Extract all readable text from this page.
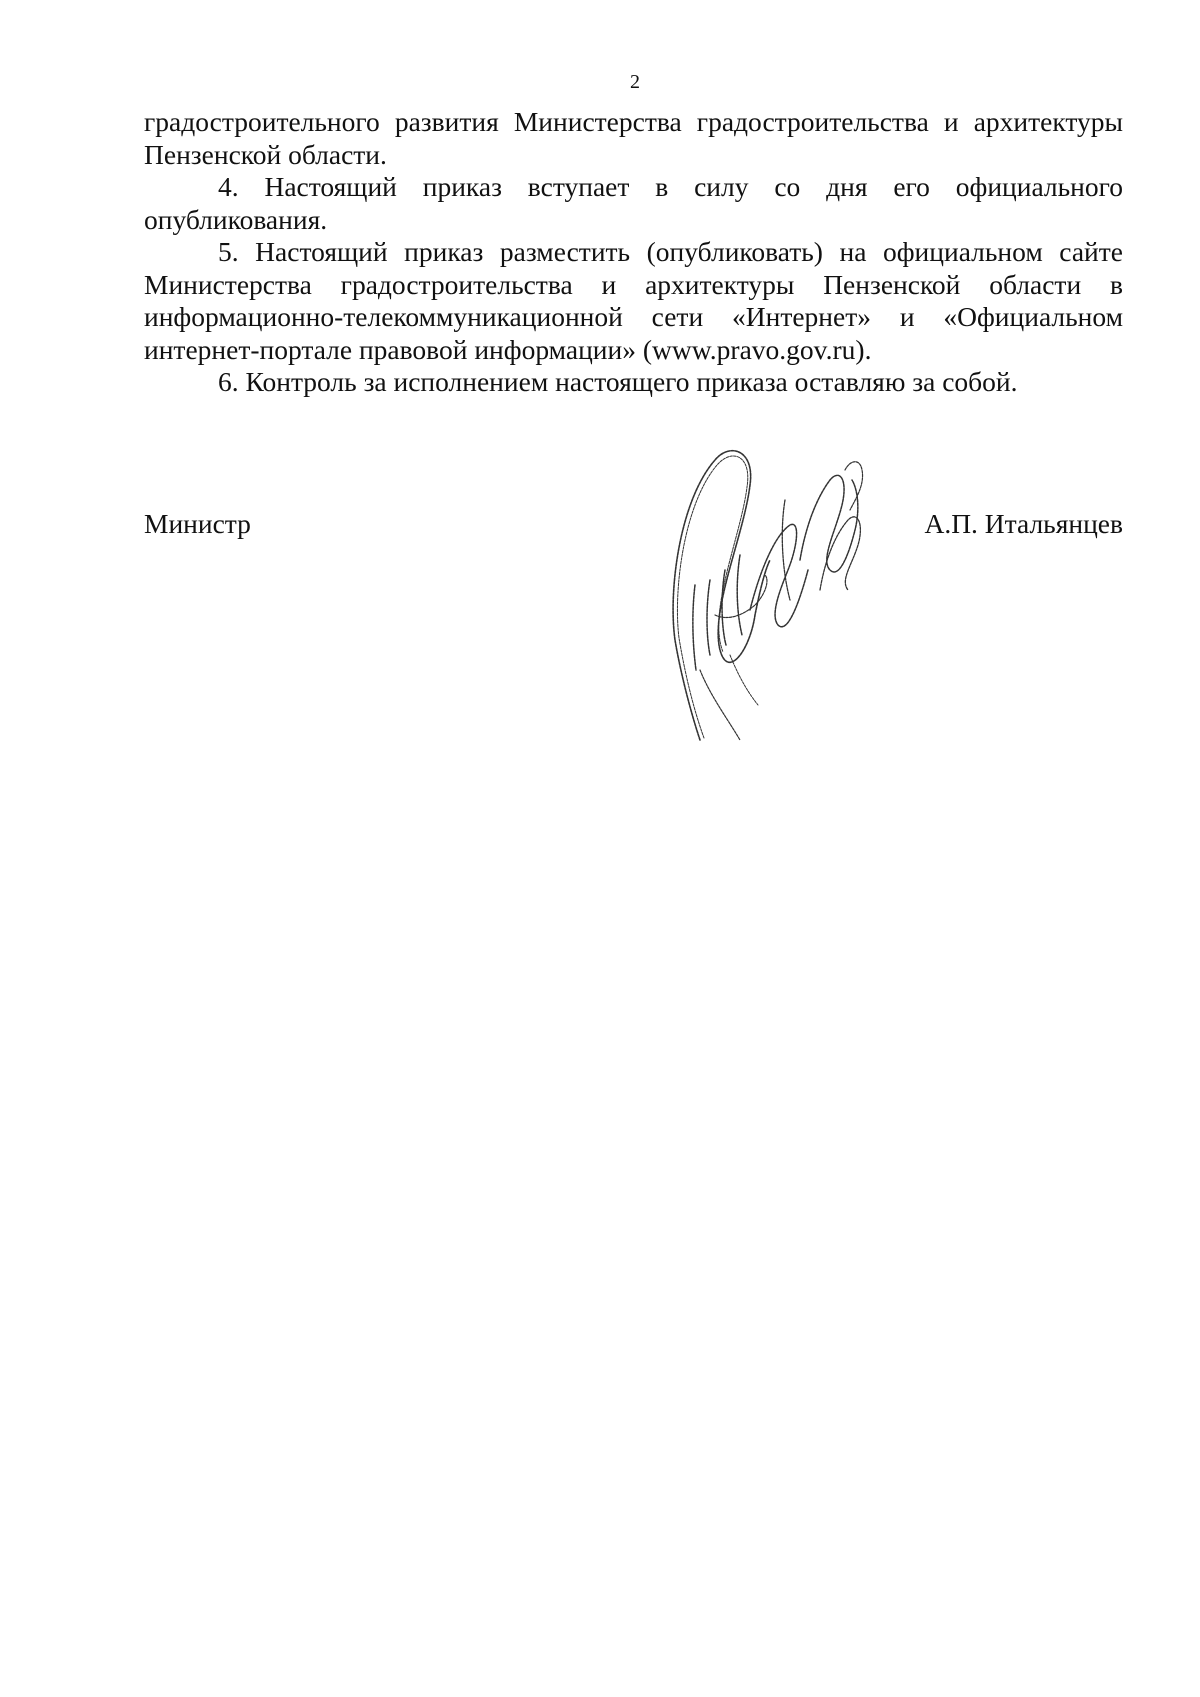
2

градостроительного развития Министерства градостроительства и архитектуры Пензенской области.

4. Настоящий приказ вступает в силу со дня его официального опубликования.

5. Настоящий приказ разместить (опубликовать) на официальном сайте Министерства градостроительства и архитектуры Пензенской области в информационно-телекоммуникационной сети «Интернет» и «Официальном интернет-портале правовой информации» (www.pravo.gov.ru).

6. Контроль за исполнением настоящего приказа оставляю за собой.

Министр	А.П. Итальянцев
